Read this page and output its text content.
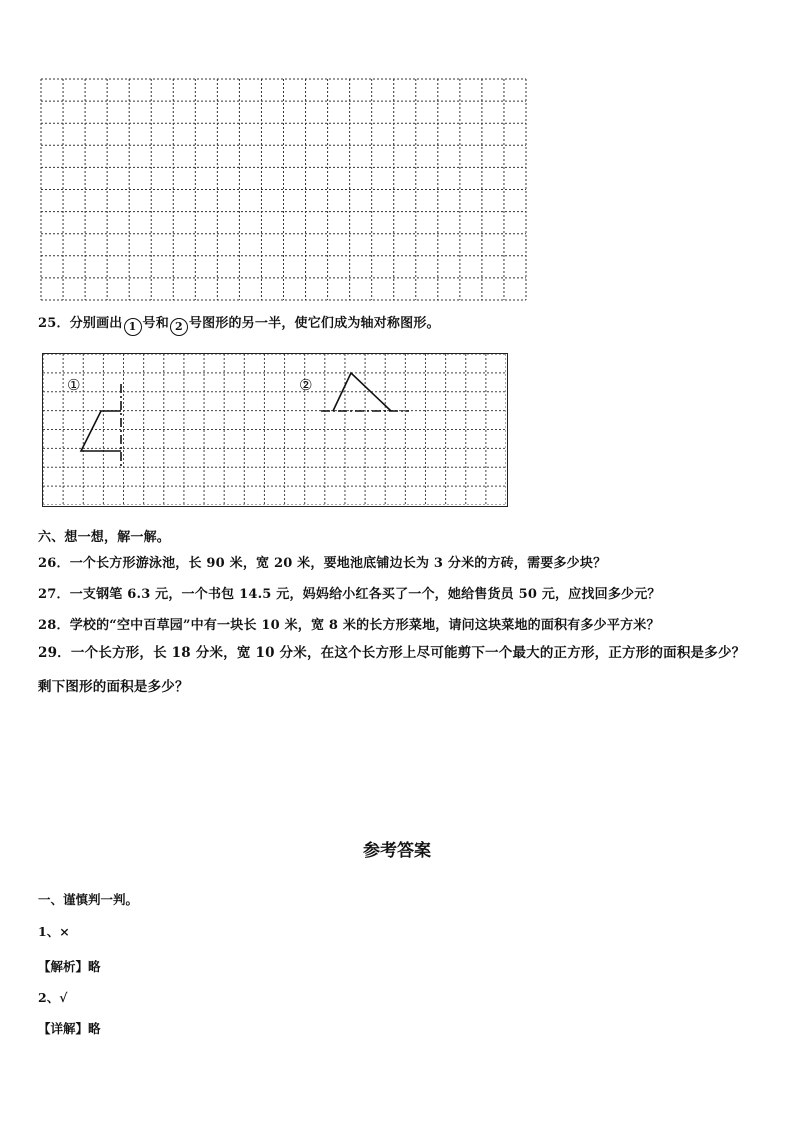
25．分别画出 1 号和 2 号图形的另一半，使它们成为轴对称图形。
①	②
六、想一想，解一解。
26．一个长方形游泳池，长 90 米，宽 20 米，要地池底铺边长为 3 分米的方砖，需要多少块？
27．一支钢笔 6.3 元，一个书包 14.5 元，妈妈给小红各买了一个，她给售货员 50 元，应找回多少元？
28．学校的“空中百草园”中有一块长 10 米，宽 8 米的长方形菜地，请问这块菜地的面积有多少平方米？
29．一个长方形，长 18 分米，宽 10 分米，在这个长方形上尽可能剪下一个最大的正方形，正方形的面积是多少？剩下图形的面积是多少？
参考答案
一、谨慎判一判。
1、×
【解析】略
2、√
【详解】略
